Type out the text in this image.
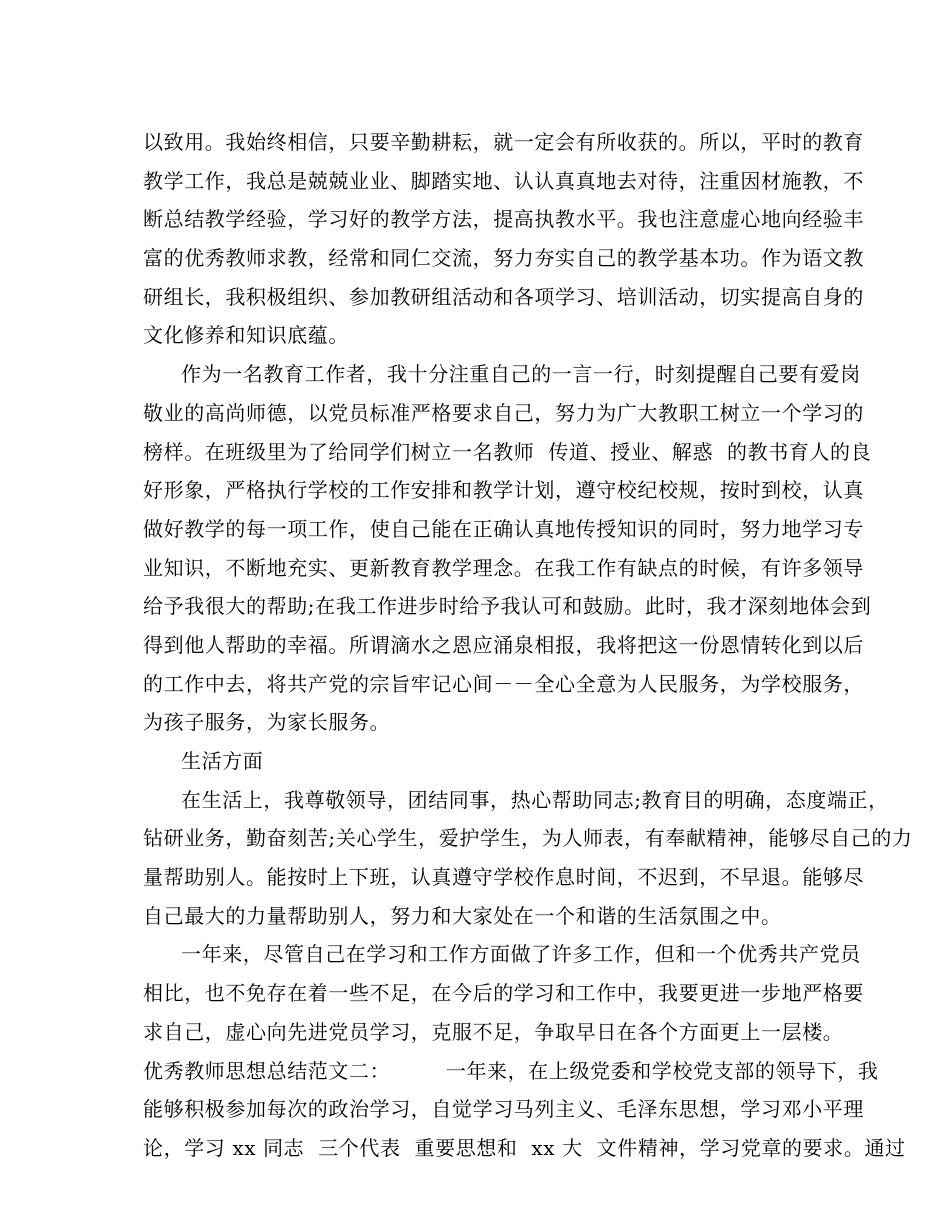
以致用。我始终相信，只要辛勤耕耘，就一定会有所收获的。所以，平时的教育
教学工作，我总是兢兢业业、脚踏实地、认认真真地去对待，注重因材施教，不
断总结教学经验，学习好的教学方法，提高执教水平。我也注意虚心地向经验丰
富的优秀教师求教，经常和同仁交流，努力夯实自己的教学基本功。作为语文教
研组长，我积极组织、参加教研组活动和各项学习、培训活动，切实提高自身的
文化修养和知识底蕴。
作为一名教育工作者，我十分注重自己的一言一行，时刻提醒自己要有爱岗
敬业的高尚师德，以党员标准严格要求自己，努力为广大教职工树立一个学习的
榜样。在班级里为了给同学们树立一名教师  传道、授业、解惑  的教书育人的良
好形象，严格执行学校的工作安排和教学计划，遵守校纪校规，按时到校，认真
做好教学的每一项工作，使自己能在正确认真地传授知识的同时，努力地学习专
业知识，不断地充实、更新教育教学理念。在我工作有缺点的时候，有许多领导
给予我很大的帮助;在我工作进步时给予我认可和鼓励。此时，我才深刻地体会到
得到他人帮助的幸福。所谓滴水之恩应涌泉相报，我将把这一份恩情转化到以后
的工作中去，将共产党的宗旨牢记心间－－全心全意为人民服务，为学校服务，
为孩子服务，为家长服务。
生活方面
在生活上，我尊敬领导，团结同事，热心帮助同志;教育目的明确，态度端正，
钻研业务，勤奋刻苦;关心学生，爱护学生，为人师表，有奉献精神，能够尽自己的力
量帮助别人。能按时上下班，认真遵守学校作息时间，不迟到，不早退。能够尽
自己最大的力量帮助别人，努力和大家处在一个和谐的生活氛围之中。
一年来，尽管自己在学习和工作方面做了许多工作，但和一个优秀共产党员
相比，也不免存在着一些不足，在今后的学习和工作中，我要更进一步地严格要
求自己，虚心向先进党员学习，克服不足，争取早日在各个方面更上一层楼。
优秀教师思想总结范文二：        一年来，在上级党委和学校党支部的领导下，我
能够积极参加每次的政治学习，自觉学习马列主义、毛泽东思想，学习邓小平理
论，学习 xx 同志  三个代表  重要思想和  xx 大  文件精神，学习党章的要求。通过
